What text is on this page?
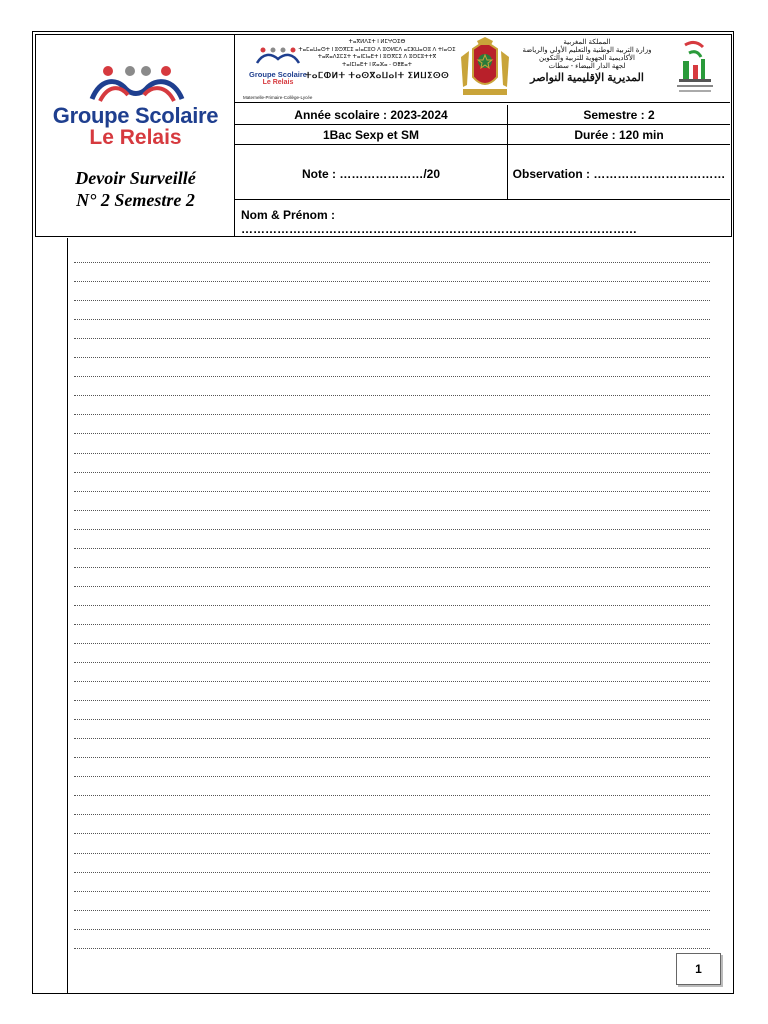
Groupe Scolaire
Le Relais
Devoir Surveillé
N° 2 Semestre 2
Groupe Scolaire
Le Relais
Maternelle-Primaire-Collège-Lycée
ⵜⴰⴳⵍⴷⵉⵜ ⵏ ⵍⵎⵖⵔⵉⴱ
ⵜⴰⵎⴰⵡⴰⵙⵜ ⵏ ⵓⵙⴳⵎⵉ ⴰⵏⴰⵎⵓⵔ ⴷ ⵓⵙⵍⵎⴷ ⴰⵎⵣⵡⴰⵔⵓ ⴷ ⵜⵏⴰⵔⵉ
ⵜⴰⴽⴰⴷⵉⵎⵉⵜ ⵜⴰⵏⵎⵏⴰⴹⵜ ⵏ ⵓⵙⴳⵎⵉ ⴷ ⵓⵙⵎⵓⵜⵜⴳ
ⵜⴰⵏⵎⵏⴰⴹⵜ ⵏ ⴽⴰⵣⴰ - ⵙⵟⵟⴰⵜ
ⵜⴰⵎⵀⵍⵜ ⵜⴰⵙⴳⴰⵡⴰⵏⵜ ⵉⵍⵡⵉⵙⵙ
المملكة المغربية
وزارة التربية الوطنية والتعليم الأولي والرياضة
الأكاديمية الجهوية للتربية والتكوين
لجهة الدار البيضاء - سطات
المديرية الإقليمية النواصر
Année scolaire : 2023-2024	Semestre : 2
1Bac Sexp et SM	Durée : 120 min
Note : …………………/20	Observation : ……………………………
Nom & Prénom : ………………………………………………………………………………………
1
